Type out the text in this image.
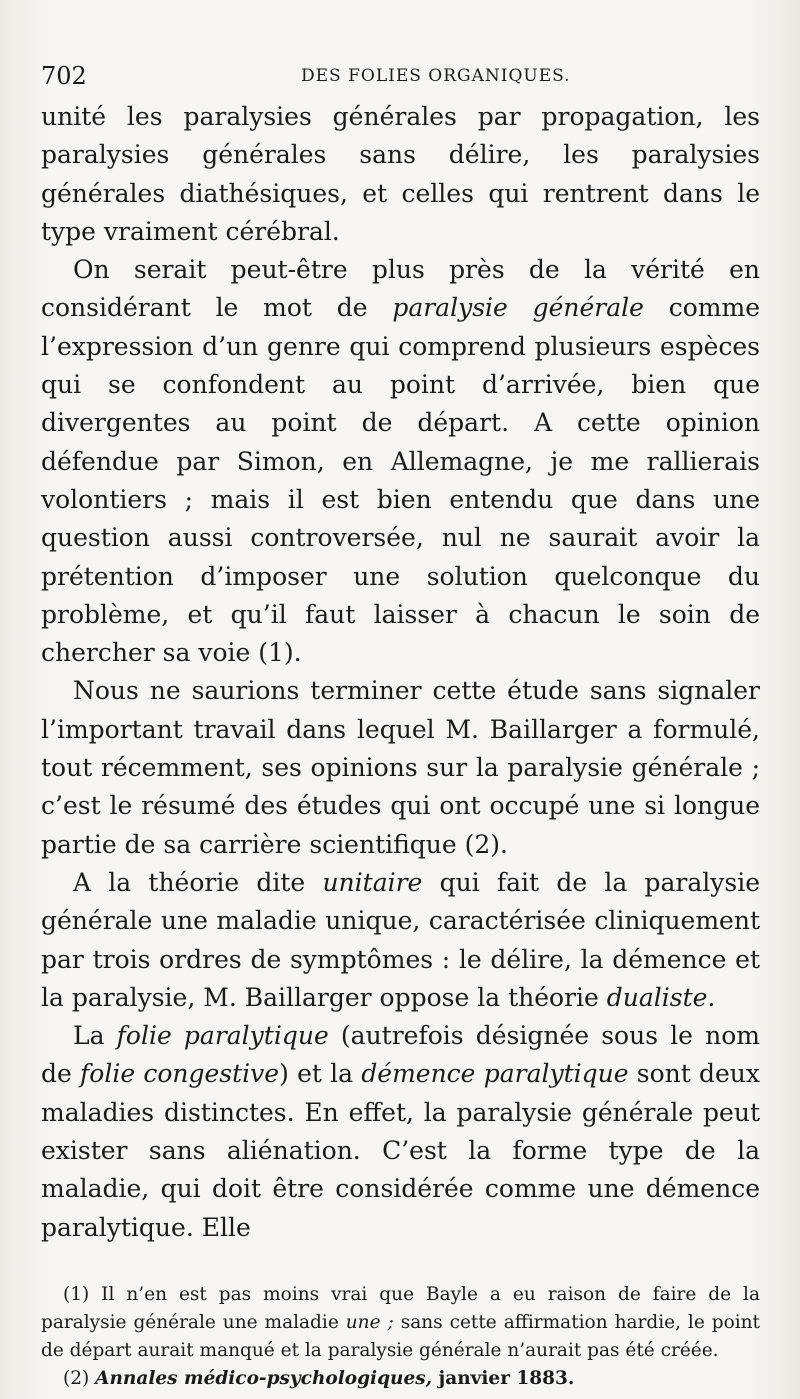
702	DES FOLIES ORGANIQUES.

unité les paralysies générales par propagation, les paralysies générales sans délire, les paralysies générales diathésiques, et celles qui rentrent dans le type vraiment cérébral.

On serait peut-être plus près de la vérité en considérant le mot de paralysie générale comme l’expression d’un genre qui comprend plusieurs espèces qui se confondent au point d’arrivée, bien que divergentes au point de départ. A cette opinion défendue par Simon, en Allemagne, je me rallierais volontiers ; mais il est bien entendu que dans une question aussi controversée, nul ne saurait avoir la prétention d’imposer une solution quelconque du problème, et qu’il faut laisser à chacun le soin de chercher sa voie (1).

Nous ne saurions terminer cette étude sans signaler l’important travail dans lequel M. Baillarger a formulé, tout récemment, ses opinions sur la paralysie générale ; c’est le résumé des études qui ont occupé une si longue partie de sa carrière scientifique (2).

A la théorie dite unitaire qui fait de la paralysie générale une maladie unique, caractérisée cliniquement par trois ordres de symptômes : le délire, la démence et la paralysie, M. Baillarger oppose la théorie dualiste.

La folie paralytique (autrefois désignée sous le nom de folie congestive) et la démence paralytique sont deux maladies distinctes. En effet, la paralysie générale peut exister sans aliénation. C’est la forme type de la maladie, qui doit être considérée comme une démence paralytique. Elle

(1) Il n’en est pas moins vrai que Bayle a eu raison de faire de la paralysie générale une maladie une ; sans cette affirmation hardie, le point de départ aurait manqué et la paralysie générale n’aurait pas été créée.

(2) Annales médico-psychologiques, janvier 1883.
